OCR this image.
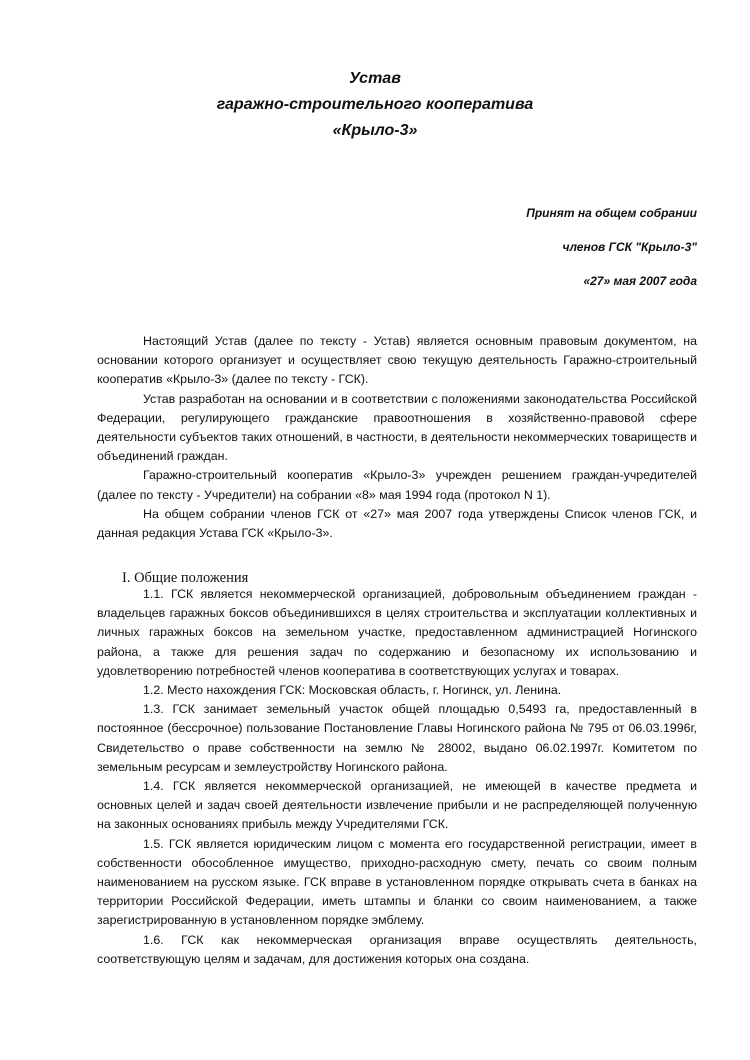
Устав
гаражно-строительного кооператива
«Крыло-3»
Принят на общем собрании
членов ГСК "Крыло-3"
«27» мая 2007 года

Настоящий Устав (далее по тексту - Устав) является основным правовым документом, на основании которого организует и осуществляет свою текущую деятельность Гаражно-строительный кооператив «Крыло-3» (далее по тексту - ГСК).

Устав разработан на основании и в соответствии с положениями законодательства Российской Федерации, регулирующего гражданские правоотношения в хозяйственно-правовой сфере деятельности субъектов таких отношений, в частности, в деятельности некоммерческих товариществ и объединений граждан.

Гаражно-строительный кооператив «Крыло-3» учрежден решением граждан-учредителей (далее по тексту - Учредители) на собрании «8» мая 1994 года (протокол N 1).

На общем собрании членов ГСК от «27» мая 2007 года утверждены Список членов ГСК, и данная редакция Устава ГСК «Крыло-3».

I. Общие положения

1.1. ГСК является некоммерческой организацией, добровольным объединением граждан - владельцев гаражных боксов объединившихся в целях строительства и эксплуатации коллективных и личных гаражных боксов на земельном участке, предоставленном администрацией Ногинского района, а также для решения задач по содержанию и безопасному их использованию и удовлетворению потребностей членов кооператива в соответствующих услугах и товарах.

1.2. Место нахождения ГСК: Московская область, г. Ногинск, ул. Ленина.

1.3. ГСК занимает земельный участок общей площадью 0,5493 га, предоставленный в постоянное (бессрочное) пользование Постановление Главы Ногинского района № 795 от 06.03.1996г, Свидетельство о праве собственности на землю № 28002, выдано 06.02.1997г. Комитетом по земельным ресурсам и землеустройству Ногинского района.

1.4. ГСК является некоммерческой организацией, не имеющей в качестве предмета и основных целей и задач своей деятельности извлечение прибыли и не распределяющей полученную на законных основаниях прибыль между Учредителями ГСК.

1.5. ГСК является юридическим лицом с момента его государственной регистрации, имеет в собственности обособленное имущество, приходно-расходную смету, печать со своим полным наименованием на русском языке. ГСК вправе в установленном порядке открывать счета в банках на территории Российской Федерации, иметь штампы и бланки со своим наименованием, а также зарегистрированную в установленном порядке эмблему.

1.6. ГСК как некоммерческая организация вправе осуществлять деятельность, соответствующую целям и задачам, для достижения которых она создана.
